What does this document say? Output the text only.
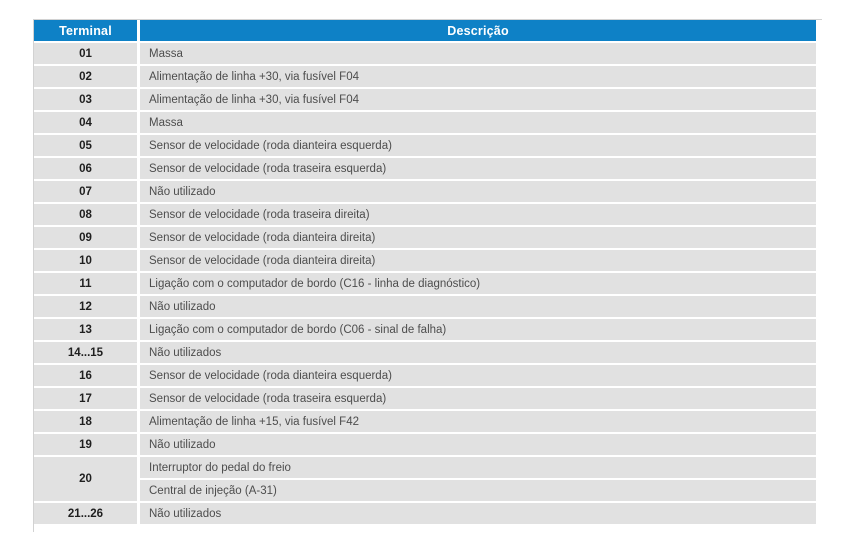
Terminal	Descrição
01	Massa
02	Alimentação de linha +30, via fusível F04
03	Alimentação de linha +30, via fusível F04
04	Massa
05	Sensor de velocidade (roda dianteira esquerda)
06	Sensor de velocidade (roda traseira esquerda)
07	Não utilizado
08	Sensor de velocidade (roda traseira direita)
09	Sensor de velocidade (roda dianteira direita)
10	Sensor de velocidade (roda dianteira direita)
11	Ligação com o computador de bordo (C16 - linha de diagnóstico)
12	Não utilizado
13	Ligação com o computador de bordo (C06 - sinal de falha)
14...15	Não utilizados
16	Sensor de velocidade (roda dianteira esquerda)
17	Sensor de velocidade (roda traseira esquerda)
18	Alimentação de linha +15, via fusível F42
19	Não utilizado
20	Interruptor do pedal do freio
	Central de injeção (A-31)
21...26	Não utilizados
